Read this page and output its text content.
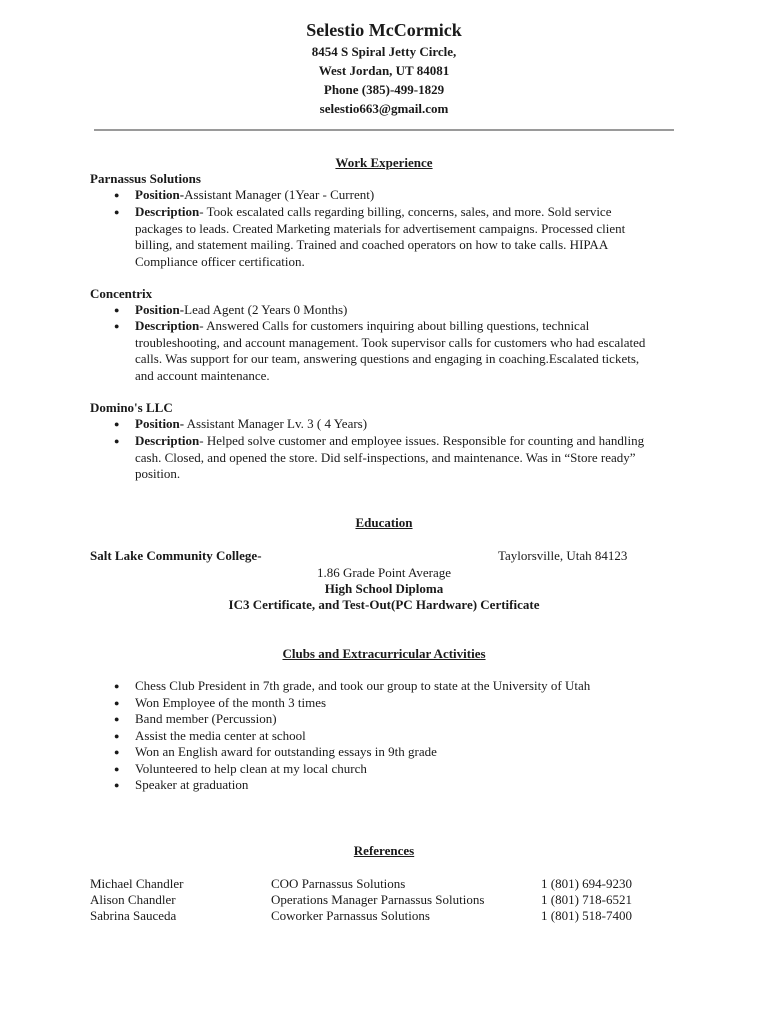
Selestio McCormick
8454 S Spiral Jetty Circle,
West Jordan, UT 84081
Phone (385)-499-1829
selestio663@gmail.com
Work Experience
Parnassus Solutions
● Position-Assistant Manager (1Year - Current)
● Description- Took escalated calls regarding billing, concerns, sales, and more. Sold service
packages to leads. Created Marketing materials for advertisement campaigns. Processed client
billing, and statement mailing. Trained and coached operators on how to take calls. HIPAA
Compliance officer certification.
Concentrix
● Position-Lead Agent (2 Years 0 Months)
● Description- Answered Calls for customers inquiring about billing questions, technical
troubleshooting, and account management. Took supervisor calls for customers who had escalated
calls. Was support for our team, answering questions and engaging in coaching.Escalated tickets,
and account maintenance.
Domino's LLC
● Position- Assistant Manager Lv. 3 ( 4 Years)
● Description- Helped solve customer and employee issues. Responsible for counting and handling
cash. Closed, and opened the store. Did self-inspections, and maintenance. Was in “Store ready”
position.
Education
Salt Lake Community College-	Taylorsville, Utah 84123
1.86 Grade Point Average
High School Diploma
IC3 Certificate, and Test-Out(PC Hardware) Certificate
Clubs and Extracurricular Activities
● Chess Club President in 7th grade, and took our group to state at the University of Utah
● Won Employee of the month 3 times
● Band member (Percussion)
● Assist the media center at school
● Won an English award for outstanding essays in 9th grade
● Volunteered to help clean at my local church
● Speaker at graduation
References
Michael Chandler	COO Parnassus Solutions	1 (801) 694-9230
Alison Chandler	Operations Manager Parnassus Solutions	1 (801) 718-6521
Sabrina Sauceda	Coworker Parnassus Solutions	1 (801) 518-7400
